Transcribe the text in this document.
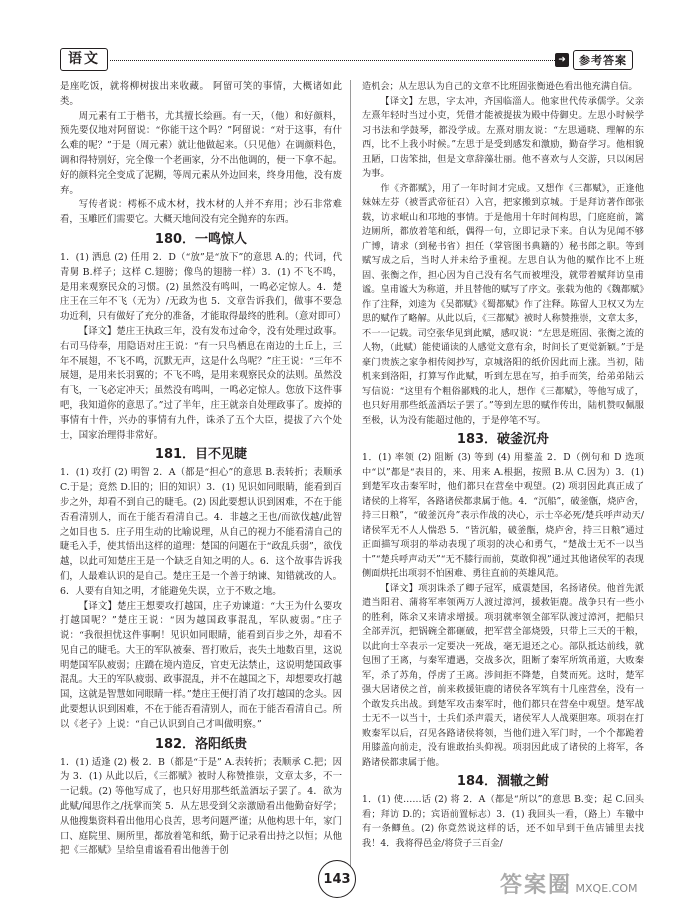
语文	➜	参考答案

是座吃饭，就将柳树拔出来收藏。 阿留可笑的事情，大概诸如此类。

周元素有工于楷书，尤其擅长绘画。有一天，（他）和好颜料，预先要仅地对阿留说：“你能干这个吗？”阿留说：“对于这事，有什么难的呢？”于是（周元素）就让他做起来。（只见他）在调颜料色，调和得特别好，完全像一个老画家，分不出他调的，便一下拿不起。好的颜料完全变成了泥糊，等周元素从外边回来，终身用他，没有废弃。

写传者说：樗栎不成木材，找木材的人并不弃用；沙石非常难看，玉雕匠们需要它。大概天地间没有完全抛弃的东西。

180．一鸣惊人

1．(1) 洒息 (2) 任用 2．D（“放”是“放下”的意思 A.的；代词，代青舅 B.样子；这样 C.翅膀；像鸟的翅膀一样）3．(1) 不飞不鸣，是用来观察民众的习惯。(2) 虽然没有鸣叫，一鸣必定惊人。4．楚庄王在三年不飞（无为）/无政为也 5．文章告诉我们，做事不要急功近利，只有做好了充分的准备，才能取得最终的胜利。（意对即可）

【译文】楚庄王执政三年，没有发布过命令，没有处理过政事。右司马侍奉，用隐语对庄王说：“有一只鸟栖息在南边的土丘上，三年不展翅，不飞不鸣，沉默无声，这是什么鸟呢？”庄王说：“三年不展翅，是用来长羽翼的；不飞不鸣，是用来观察民众的法则。虽然没有飞，一飞必定冲天；虽然没有鸣叫，一鸣必定惊人。您放下这件事吧，我知道你的意思了。”过了半年，庄王就亲自处理政事了。废掉的事情有十件，兴办的事情有九件，诛杀了五个大臣，提拔了六个处士，国家治理得非常好。

181．目不见睫

1．(1) 攻打 (2) 明智 2．A（都是“担心”的意思 B.表转折；表顺承 C.于是；竟然 D.旧的；旧的知识）3．(1) 见识如同眼睛，能看到百步之外，却看不到自己的睫毛。(2) 因此要想认识到困难，不在于能否看清别人，而在于能否看清自己。4．非越之王也/而欲伐越/此智之如目也 5．庄子用生动的比喻说理，从自己的视力不能看清自己的睫毛入手，使其悟出这样的道理：楚国的问题在于“政乱兵弱”，欲伐越，以此可知楚庄王是一个缺乏自知之明的人。6．这个故事告诉我们，人最难认识的是自己。楚庄王是一个善于纳谏、知错就改的人。6．人要有自知之明，才能避免失误，立于不败之地。

【译文】楚庄王想要攻打越国，庄子劝谏道：“大王为什么要攻打越国呢？”楚庄王说：“因为越国政事混乱，军队疲弱。”庄子说：“我很担忧这件事啊！见识如同眼睛，能看到百步之外，却看不见自己的睫毛。大王的军队被秦、晋打败后，丧失土地数百里，这说明楚国军队疲弱；庄蹻在境内造反，官吏无法禁止，这说明楚国政事混乱。大王的军队疲弱、政事混乱，并不在越国之下，却想要攻打越国，这就是智慧如同眼睛一样。”楚庄王便打消了攻打越国的念头。因此要想认识到困难，不在于能否看清别人，而在于能否看清自己。所以《老子》上说：“自己认识到自己才叫做明察。”

182．洛阳纸贵

1．(1) 适逢 (2) 极 2．B（都是“于是” A.表转折；表顺承 C.把；因为 3．(1) 从此以后，《三都赋》被时人称赞推崇，文章太多，不一一记载。(2) 等他写成了，也只好用那些纸盖酒坛子罢了。4．欲为此赋/闻思作之/抚掌而笑 5．从左思受到父亲激励看出他勤奋好学；从他搜集资料看出他用心良苦，思考问题严谨；从他构思十年，家门口、庭院里、厕所里，都放着笔和纸，勤于记录看出持之以恒；从他把《三都赋》呈给皇甫谧看看出他善于创

造机会；从左思认为自己的文章不比班固张衡逊色看出他充满自信。

【译文】左思，字太冲，齐国临淄人。他家世代传承儒学。父亲左熹年轻时当过小吏，凭借才能被提拔为殿中侍御史。左思小时候学习书法和学鼓琴，都没学成。左熹对朋友说：“左思通晓、理解的东西，比不上我小时候。”左思于是受到感发和激励，勤奋学习。他相貌丑陋，口齿笨拙，但是文章辞藻壮丽。他不喜欢与人交游，只以闲居为事。

作《齐都赋》，用了一年时间才完成。又想作《三都赋》，正逢他妹妹左芬（被晋武帝征召）入宫，把家搬到京城。于是拜访著作郎张载，访求岷山和邛地的事情。于是他用十年时间构思，门庭庭前，篱边厕所，都放着笔和纸，偶得一句，立即记录下来。自认为见闻不够广博，请求（到秘书省）担任（掌管图书典籍的）秘书郎之职。等到赋写成之后，当时人并未给予重视。左思自认为他的赋作比不上班固、张衡之作，担心因为自己没有名气而被埋没，就带着赋拜访皇甫谧。皇甫谧大为称道，并且替他的赋写了序文。张载为他的《魏都赋》作了注释，刘逵为《吴都赋》《蜀都赋》作了注释。陈留人卫权又为左思的赋作了略解。从此以后，《三都赋》被时人称赞推崇，文章太多，不一一记载。司空张华见到此赋，感叹说：“左思是班固、张衡之流的人物，（此赋）能使诵读的人感觉文意有余，时间长了更觉新颖。”于是豪门贵族之家争相传阅抄写，京城洛阳的纸价因此而上涨。当初，陆机来到洛阳，打算写作此赋，听到左思在写，拍手而笑，给弟弟陆云写信说：“这里有个粗俗鄙贱的北人，想作《三都赋》，等他写成了，也只好用那些纸盖酒坛子罢了。”等到左思的赋作传出，陆机赞叹佩服至极，认为没有能超过他的，于是停笔不写。

183．破釜沉舟

1．(1) 率领 (2) 阻断 (3) 等到 (4) 用鍪盖 2．D（例句和 D 选项中“以”都是“表目的，来、用来 A.根据，按照 B.从 C.因为）3．(1) 到楚军攻击秦军时，他们都只在营垒中观望。(2) 项羽因此真正成了诸侯的上将军，各路诸侯都隶属于他。4．“沉船”，破釜甑，烧庐舍，持三日粮”，“破釜沉舟”表示作战的决心，示士卒必死/楚兵呼声动天/诸侯军无不人人惴恐 5．“皆沉船，破釜甑，烧庐舍，持三日粮”通过正面描写项羽的举动表现了项羽的决心和勇气，“楚战士无不一以当十”“楚兵呼声动天”“无不膝行而前，莫敢仰视”通过其他诸侯军的表现侧面烘托出项羽不怕困难、勇往直前的英雄风范。

【译文】项羽诛杀了卿子冠军，威震楚国，名扬诸侯。他首先派遣当阳君、蒲将军率领两万人渡过漳河，援救钜鹿。战争只有一些小的胜利，陈余又来请求增援。项羽就率领全部军队渡过漳河，把船只全部弄沉，把锅碗全都砸破，把军营全部烧毁，只带上三天的干粮，以此向士卒表示一定要决一死战，毫无退还之心。部队抵达前线，就包围了王离，与秦军遭遇，交战多次，阻断了秦军所筑甬道，大败秦军，杀了苏角，俘虏了王离。涉间拒不降楚，自焚而死。这时，楚军强大居诸侯之首，前来救援钜鹿的诸侯各军筑有十几座营垒，没有一个敢发兵出战。到楚军攻击秦军时，他们都只在营垒中观望。楚军战士无不一以当十，士兵们杀声震天，诸侯军人人战栗胆寒。项羽在打败秦军以后，召见各路诸侯将领，当他们进入军门时，一个个都跪着用膝盖向前走，没有谁敢抬头仰视。项羽因此成了诸侯的上将军，各路诸侯都隶属于他。

184．涸辙之鲋

1．(1) 使……话 (2) 将 2．A（都是“所以”的意思 B.变；起 C.回头看；拜访 D.的；宾语前置标志）3．(1) 我回头一看，（路上）车辙中有一条鲫鱼。(2) 你竟然说这样的话，还不如早到干鱼店铺里去找我！4．我将得邑金/将贷子三百金/

143	答案圈 MXQE.COM
